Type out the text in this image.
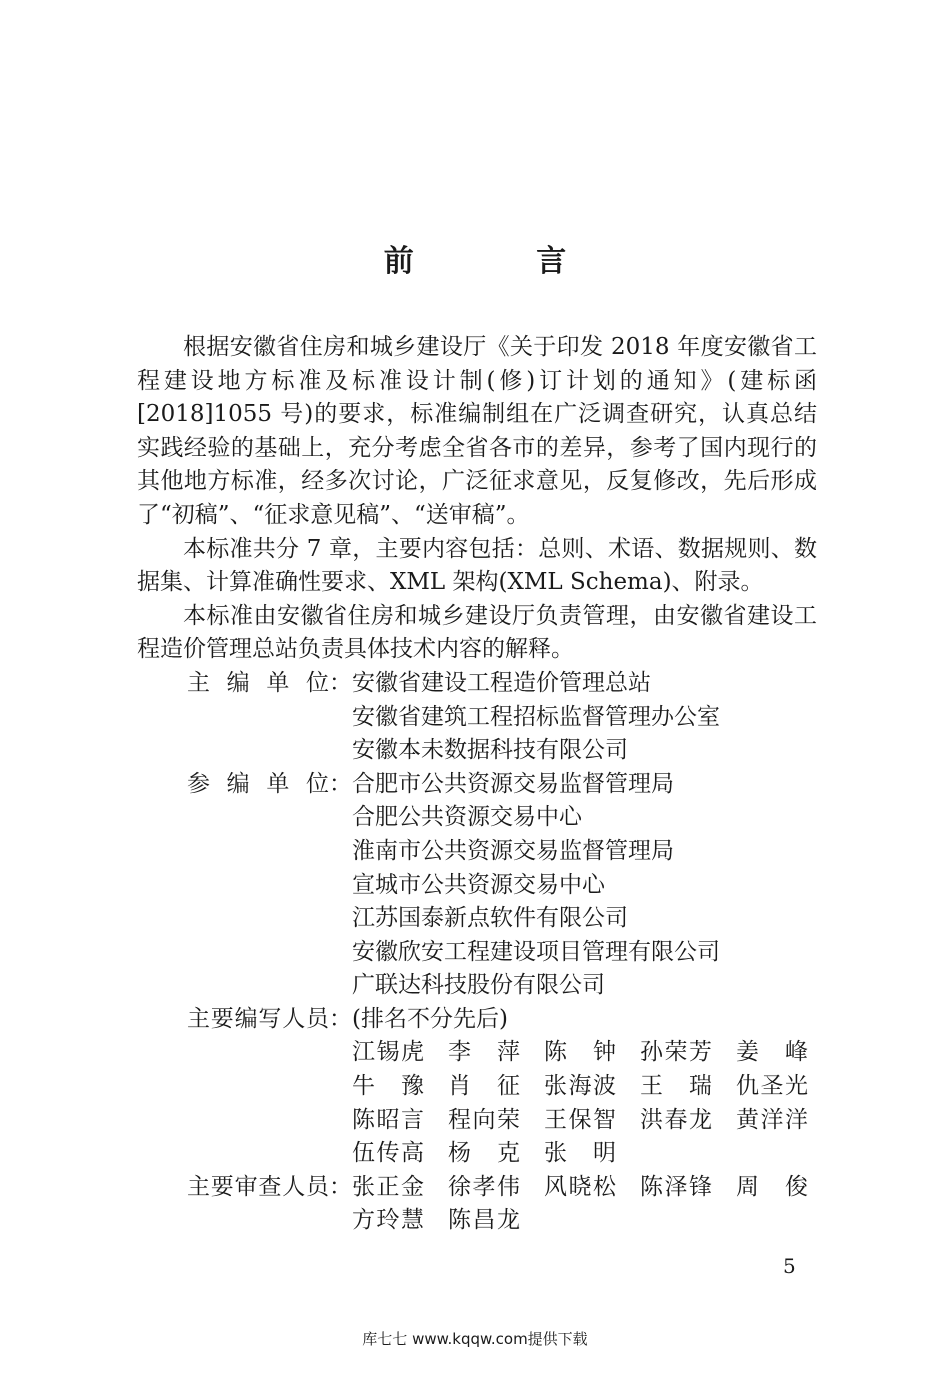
前 言

根据安徽省住房和城乡建设厅《关于印发 2018 年度安徽省工程建设地方标准及标准设计制(修)订计划的通知》(建标函[2018]1055 号)的要求，标准编制组在广泛调查研究，认真总结实践经验的基础上，充分考虑全省各市的差异，参考了国内现行的其他地方标准，经多次讨论，广泛征求意见，反复修改，先后形成了“初稿”、“征求意见稿”、“送审稿”。

本标准共分 7 章，主要内容包括：总则、术语、数据规则、数据集、计算准确性要求、XML 架构(XML Schema)、附录。

本标准由安徽省住房和城乡建设厅负责管理，由安徽省建设工程造价管理总站负责具体技术内容的解释。

主 编 单 位 ： 安徽省建设工程造价管理总站
安徽省建筑工程招标监督管理办公室
安徽本未数据科技有限公司
参 编 单 位 ： 合肥市公共资源交易监督管理局
合肥公共资源交易中心
淮南市公共资源交易监督管理局
宣城市公共资源交易中心
江苏国泰新点软件有限公司
安徽欣安工程建设项目管理有限公司
广联达科技股份有限公司
主 要 编 写 人 员 ： (排名不分先后)
江 锡 虎 李 萍 陈 钟 孙 荣 芳 姜 峰
牛 豫 肖 征 张 海 波 王 瑞 仇 圣 光
陈 昭 言 程 向 荣 王 保 智 洪 春 龙 黄 洋 洋
伍 传 高 杨 克 张 明
主 要 审 查 人 员 ： 张 正 金 徐 孝 伟 风 晓 松 陈 泽 锋 周 俊
方 玲 慧 陈 昌 龙
5
库七七 www.kqqw.com提供下载
